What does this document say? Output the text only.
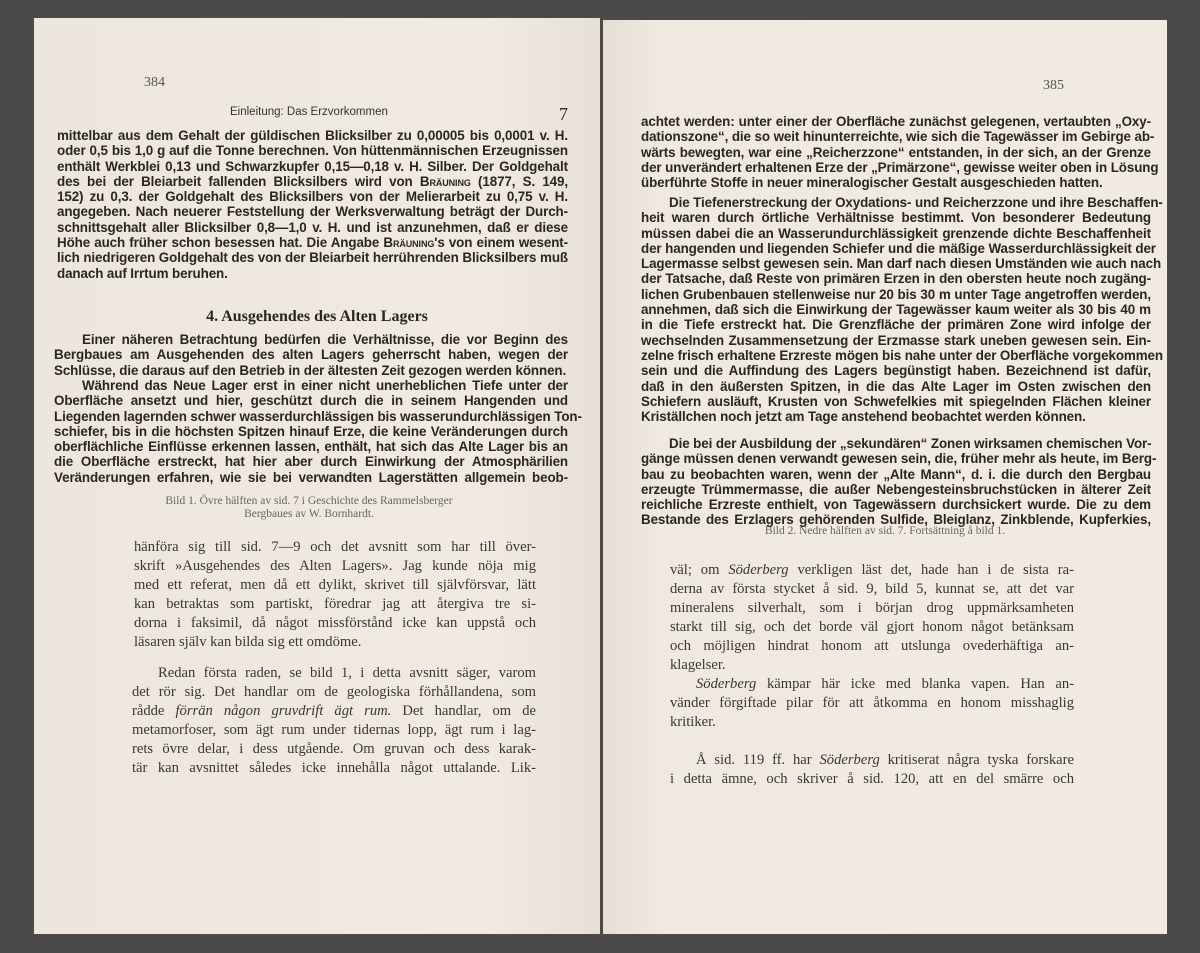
384
Einleitung: Das Erzvorkommen	7
mittelbar aus dem Gehalt der güldischen Blicksilber zu 0,00005 bis 0,0001 v. H.
oder 0,5 bis 1,0 g auf die Tonne berechnen. Von hüttenmännischen Erzeugnissen
enthält Werkblei 0,13 und Schwarzkupfer 0,15—0,18 v. H. Silber. Der Goldgehalt
des bei der Bleiarbeit fallenden Blicksilbers wird von Bräuning (1877, S. 149,
152) zu 0,3. der Goldgehalt des Blicksilbers von der Melierarbeit zu 0,75 v. H.
angegeben. Nach neuerer Feststellung der Werksverwaltung beträgt der Durch-
schnittsgehalt aller Blicksilber 0,8—1,0 v. H. und ist anzunehmen, daß er diese
Höhe auch früher schon besessen hat. Die Angabe Bräuning's von einem wesent-
lich niedrigeren Goldgehalt des von der Bleiarbeit herrührenden Blicksilbers muß
danach auf Irrtum beruhen.
4. Ausgehendes des Alten Lagers
Einer näheren Betrachtung bedürfen die Verhältnisse, die vor Beginn des
Bergbaues am Ausgehenden des alten Lagers geherrscht haben, wegen der
Schlüsse, die daraus auf den Betrieb in der ältesten Zeit gezogen werden können.
Während das Neue Lager erst in einer nicht unerheblichen Tiefe unter der
Oberfläche ansetzt und hier, geschützt durch die in seinem Hangenden und
Liegenden lagernden schwer wasserdurchlässigen bis wasserundurchlässigen Ton-
schiefer, bis in die höchsten Spitzen hinauf Erze, die keine Veränderungen durch
oberflächliche Einflüsse erkennen lassen, enthält, hat sich das Alte Lager bis an
die Oberfläche erstreckt, hat hier aber durch Einwirkung der Atmosphärilien
Veränderungen erfahren, wie sie bei verwandten Lagerstätten allgemein beob-
Bild 1. Övre hälften av sid. 7 i Geschichte des Rammelsberger
Bergbaues av W. Bornhardt.
hänföra sig till sid. 7—9 och det avsnitt som har till över-
skrift »Ausgehendes des Alten Lagers». Jag kunde nöja mig
med ett referat, men då ett dylikt, skrivet till självförsvar, lätt
kan betraktas som partiskt, föredrar jag att återgiva tre si-
dorna i faksimil, då något missförstånd icke kan uppstå och
läsaren själv kan bilda sig ett omdöme.
Redan första raden, se bild 1, i detta avsnitt säger, varom
det rör sig. Det handlar om de geologiska förhållandena, som
rådde förrän någon gruvdrift ägt rum. Det handlar, om de
metamorfoser, som ägt rum under tidernas lopp, ägt rum i lag-
rets övre delar, i dess utgående. Om gruvan och dess karak-
tär kan avsnittet således icke innehålla något uttalande. Lik-
385
achtet werden: unter einer der Oberfläche zunächst gelegenen, vertaubten „Oxy-
dationszone“, die so weit hinunterreichte, wie sich die Tagewässer im Gebirge ab-
wärts bewegten, war eine „Reicherzzone“ entstanden, in der sich, an der Grenze
der unverändert erhaltenen Erze der „Primärzone“, gewisse weiter oben in Lösung
überführte Stoffe in neuer mineralogischer Gestalt ausgeschieden hatten.
Die Tiefenerstreckung der Oxydations- und Reicherzzone und ihre Beschaffen-
heit waren durch örtliche Verhältnisse bestimmt. Von besonderer Bedeutung
müssen dabei die an Wasserundurchlässigkeit grenzende dichte Beschaffenheit
der hangenden und liegenden Schiefer und die mäßige Wasserdurchlässigkeit der
Lagermasse selbst gewesen sein. Man darf nach diesen Umständen wie auch nach
der Tatsache, daß Reste von primären Erzen in den obersten heute noch zugäng-
lichen Grubenbauen stellenweise nur 20 bis 30 m unter Tage angetroffen werden,
annehmen, daß sich die Einwirkung der Tagewässer kaum weiter als 30 bis 40 m
in die Tiefe erstreckt hat. Die Grenzfläche der primären Zone wird infolge der
wechselnden Zusammensetzung der Erzmasse stark uneben gewesen sein. Ein-
zelne frisch erhaltene Erzreste mögen bis nahe unter der Oberfläche vorgekommen
sein und die Auffindung des Lagers begünstigt haben. Bezeichnend ist dafür,
daß in den äußersten Spitzen, in die das Alte Lager im Osten zwischen den
Schiefern ausläuft, Krusten von Schwefelkies mit spiegelnden Flächen kleiner
Kriställchen noch jetzt am Tage anstehend beobachtet werden können.
Die bei der Ausbildung der „sekundären“ Zonen wirksamen chemischen Vor-
gänge müssen denen verwandt gewesen sein, die, früher mehr als heute, im Berg-
bau zu beobachten waren, wenn der „Alte Mann“, d. i. die durch den Bergbau
erzeugte Trümmermasse, die außer Nebengesteinsbruchstücken in älterer Zeit
reichliche Erzreste enthielt, von Tagewässern durchsickert wurde. Die zu dem
Bestande des Erzlagers gehörenden Sulfide, Bleiglanz, Zinkblende, Kupferkies,
Bild 2. Nedre hälften av sid. 7. Fortsättning å bild 1.
väl; om Söderberg verkligen läst det, hade han i de sista ra-
derna av första stycket å sid. 9, bild 5, kunnat se, att det var
mineralens silverhalt, som i början drog uppmärksamheten
starkt till sig, och det borde väl gjort honom något betänksam
och möjligen hindrat honom att utslunga ovederhäftiga an-
klagelser.
Söderberg kämpar här icke med blanka vapen. Han an-
vänder förgiftade pilar för att åtkomma en honom misshaglig
kritiker.
Å sid. 119 ff. har Söderberg kritiserat några tyska forskare
i detta ämne, och skriver å sid. 120, att en del smärre och
